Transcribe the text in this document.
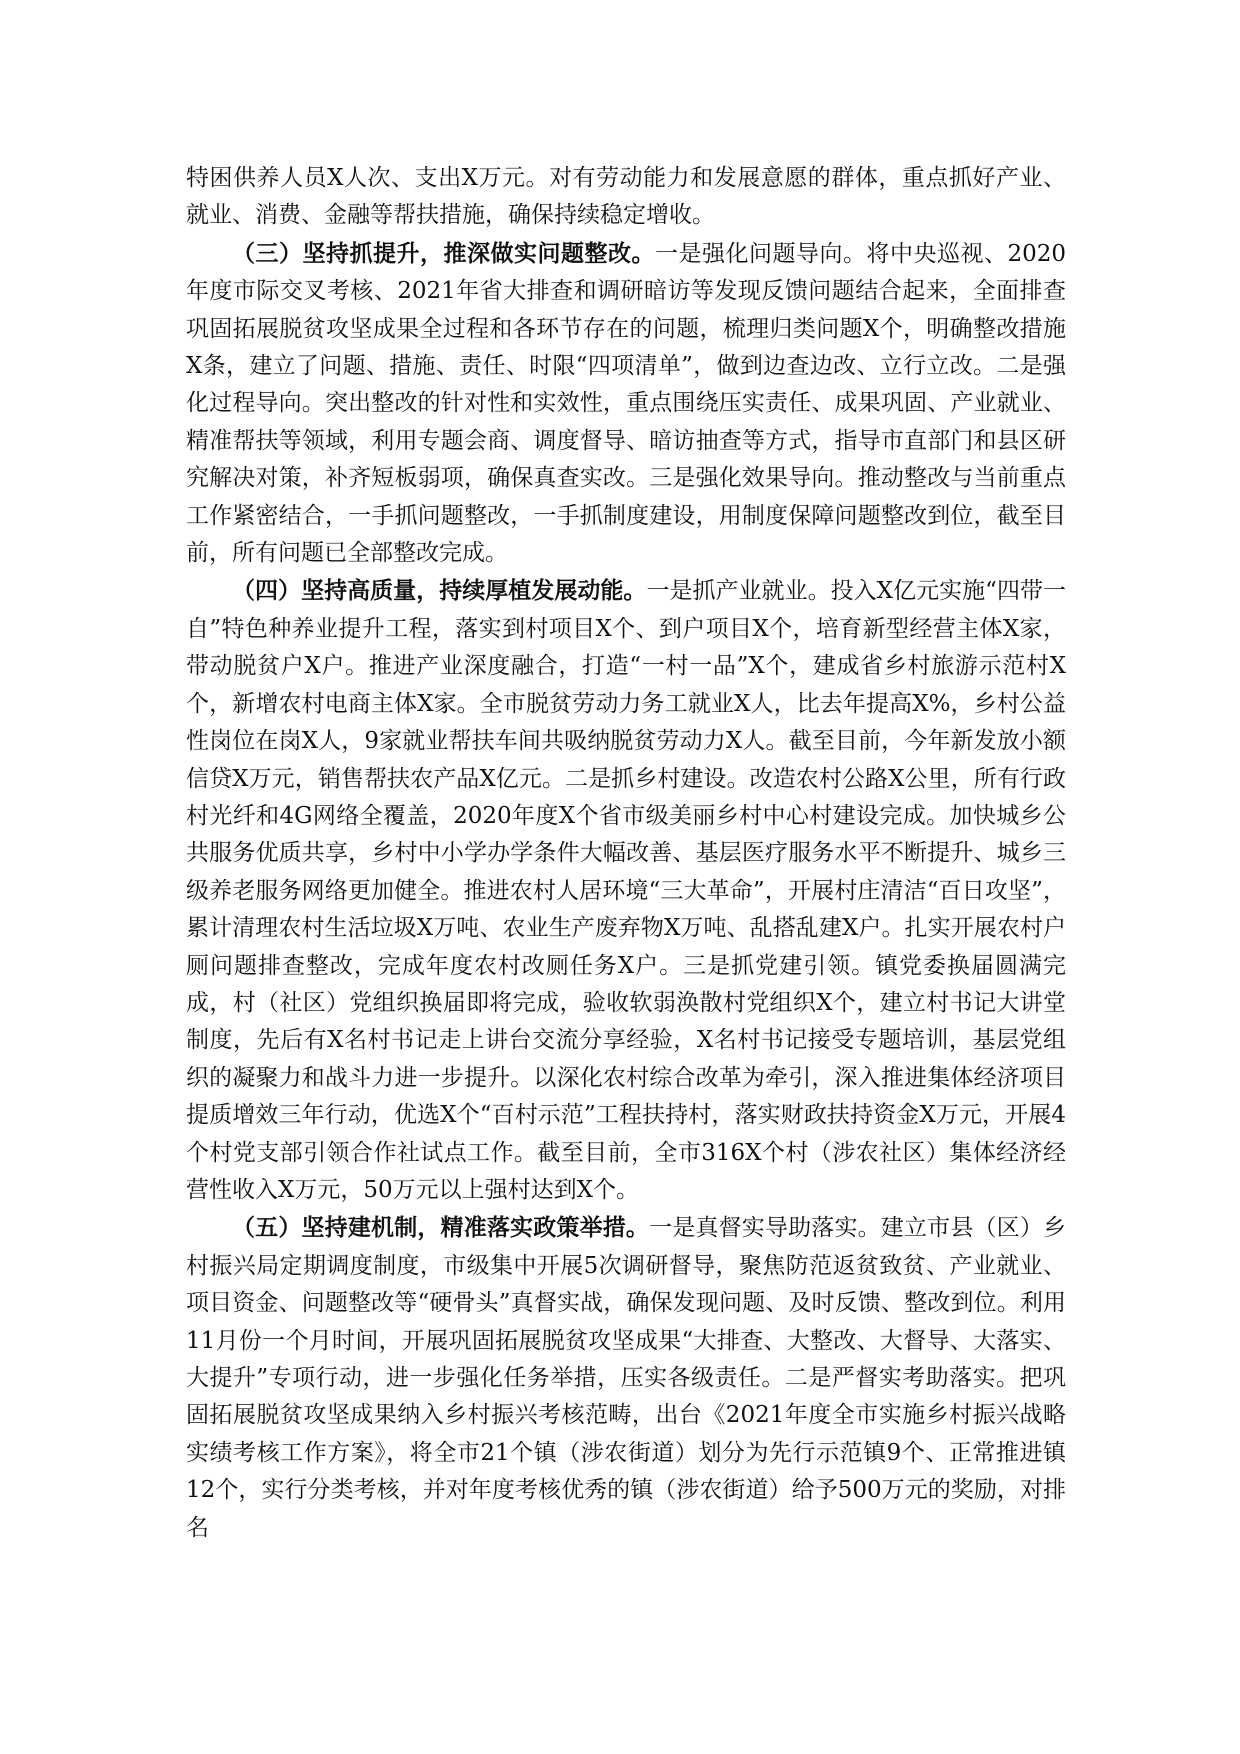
特困供养人员X人次、支出X万元。对有劳动能力和发展意愿的群体，重点抓好产业、就业、消费、金融等帮扶措施，确保持续稳定增收。

（三）坚持抓提升，推深做实问题整改。一是强化问题导向。将中央巡视、2020年度市际交叉考核、2021年省大排查和调研暗访等发现反馈问题结合起来，全面排查巩固拓展脱贫攻坚成果全过程和各环节存在的问题，梳理归类问题X个，明确整改措施X条，建立了问题、措施、责任、时限“四项清单”，做到边查边改、立行立改。二是强化过程导向。突出整改的针对性和实效性，重点围绕压实责任、成果巩固、产业就业、精准帮扶等领域，利用专题会商、调度督导、暗访抽查等方式，指导市直部门和县区研究解决对策，补齐短板弱项，确保真查实改。三是强化效果导向。推动整改与当前重点工作紧密结合，一手抓问题整改，一手抓制度建设，用制度保障问题整改到位，截至目前，所有问题已全部整改完成。

（四）坚持高质量，持续厚植发展动能。一是抓产业就业。投入X亿元实施“四带一自”特色种养业提升工程，落实到村项目X个、到户项目X个，培育新型经营主体X家，带动脱贫户X户。推进产业深度融合，打造“一村一品”X个，建成省乡村旅游示范村X个，新增农村电商主体X家。全市脱贫劳动力务工就业X人，比去年提高X%，乡村公益性岗位在岗X人，9家就业帮扶车间共吸纳脱贫劳动力X人。截至目前，今年新发放小额信贷X万元，销售帮扶农产品X亿元。二是抓乡村建设。改造农村公路X公里，所有行政村光纤和4G网络全覆盖，2020年度X个省市级美丽乡村中心村建设完成。加快城乡公共服务优质共享，乡村中小学办学条件大幅改善、基层医疗服务水平不断提升、城乡三级养老服务网络更加健全。推进农村人居环境“三大革命”，开展村庄清洁“百日攻坚”，累计清理农村生活垃圾X万吨、农业生产废弃物X万吨、乱搭乱建X户。扎实开展农村户厕问题排查整改，完成年度农村改厕任务X户。三是抓党建引领。镇党委换届圆满完成，村（社区）党组织换届即将完成，验收软弱涣散村党组织X个，建立村书记大讲堂制度，先后有X名村书记走上讲台交流分享经验，X名村书记接受专题培训，基层党组织的凝聚力和战斗力进一步提升。以深化农村综合改革为牵引，深入推进集体经济项目提质增效三年行动，优选X个“百村示范”工程扶持村，落实财政扶持资金X万元，开展4个村党支部引领合作社试点工作。截至目前，全市316X个村（涉农社区）集体经济经营性收入X万元，50万元以上强村达到X个。

（五）坚持建机制，精准落实政策举措。一是真督实导助落实。建立市县（区）乡村振兴局定期调度制度，市级集中开展5次调研督导，聚焦防范返贫致贫、产业就业、项目资金、问题整改等“硬骨头”真督实战，确保发现问题、及时反馈、整改到位。利用11月份一个月时间，开展巩固拓展脱贫攻坚成果“大排查、大整改、大督导、大落实、大提升”专项行动，进一步强化任务举措，压实各级责任。二是严督实考助落实。把巩固拓展脱贫攻坚成果纳入乡村振兴考核范畴，出台《2021年度全市实施乡村振兴战略实绩考核工作方案》，将全市21个镇（涉农街道）划分为先行示范镇9个、正常推进镇12个，实行分类考核，并对年度考核优秀的镇（涉农街道）给予500万元的奖励，对排名
